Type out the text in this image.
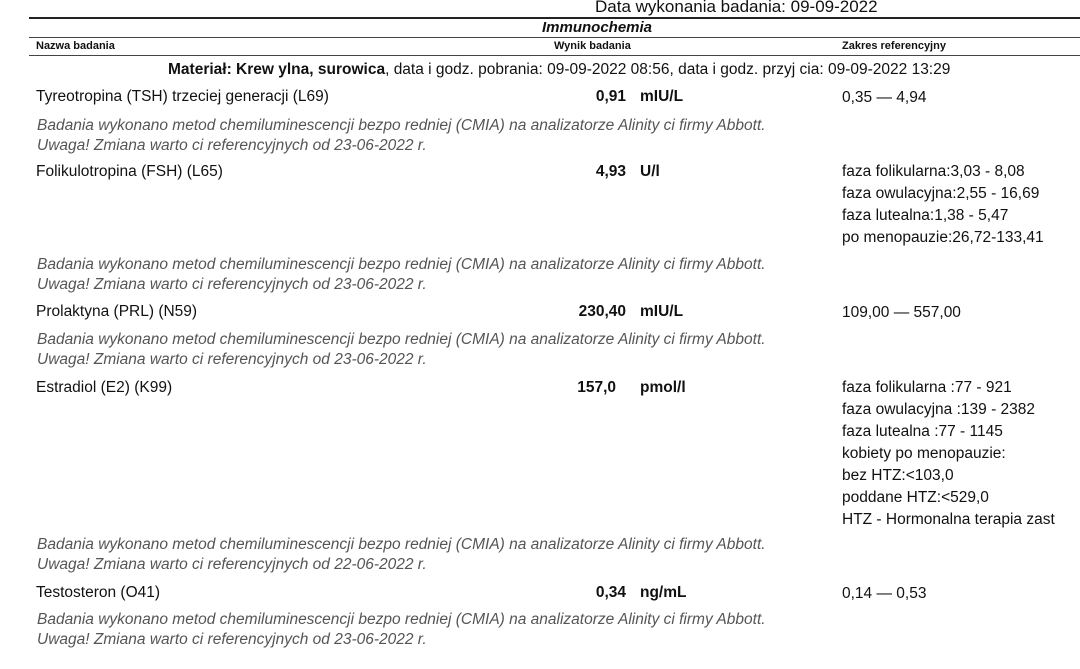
Data wykonania badania: 09-09-2022
Immunochemia
Nazwa badania	Wynik badania	Zakres referencyjny
Materiał: Krew ylna, surowica, data i godz. pobrania: 09-09-2022 08:56, data i godz. przyj cia: 09-09-2022 13:29
Tyreotropina (TSH) trzeciej generacji (L69)	0,91 mIU/L	0,35 — 4,94
Badania wykonano metod chemiluminescencji bezpo redniej (CMIA) na analizatorze Alinity ci firmy Abbott.
Uwaga! Zmiana warto ci referencyjnych od 23-06-2022 r.
Folikulotropina (FSH) (L65)	4,93 U/l	faza folikularna:3,03 - 8,08
faza owulacyjna:2,55 - 16,69
faza lutealna:1,38 - 5,47
po menopauzie:26,72-133,41
Badania wykonano metod chemiluminescencji bezpo redniej (CMIA) na analizatorze Alinity ci firmy Abbott.
Uwaga! Zmiana warto ci referencyjnych od 23-06-2022 r.
Prolaktyna (PRL) (N59)	230,40 mIU/L	109,00 — 557,00
Badania wykonano metod chemiluminescencji bezpo redniej (CMIA) na analizatorze Alinity ci firmy Abbott.
Uwaga! Zmiana warto ci referencyjnych od 23-06-2022 r.
Estradiol (E2) (K99)	157,0 pmol/l	faza folikularna :77 - 921
faza owulacyjna :139 - 2382
faza lutealna :77 - 1145
kobiety po menopauzie:
bez HTZ:<103,0
poddane HTZ:<529,0
HTZ - Hormonalna terapia zast
Badania wykonano metod chemiluminescencji bezpo redniej (CMIA) na analizatorze Alinity ci firmy Abbott.
Uwaga! Zmiana warto ci referencyjnych od 22-06-2022 r.
Testosteron (O41)	0,34 ng/mL	0,14 — 0,53
Badania wykonano metod chemiluminescencji bezpo redniej (CMIA) na analizatorze Alinity ci firmy Abbott.
Uwaga! Zmiana warto ci referencyjnych od 23-06-2022 r.
